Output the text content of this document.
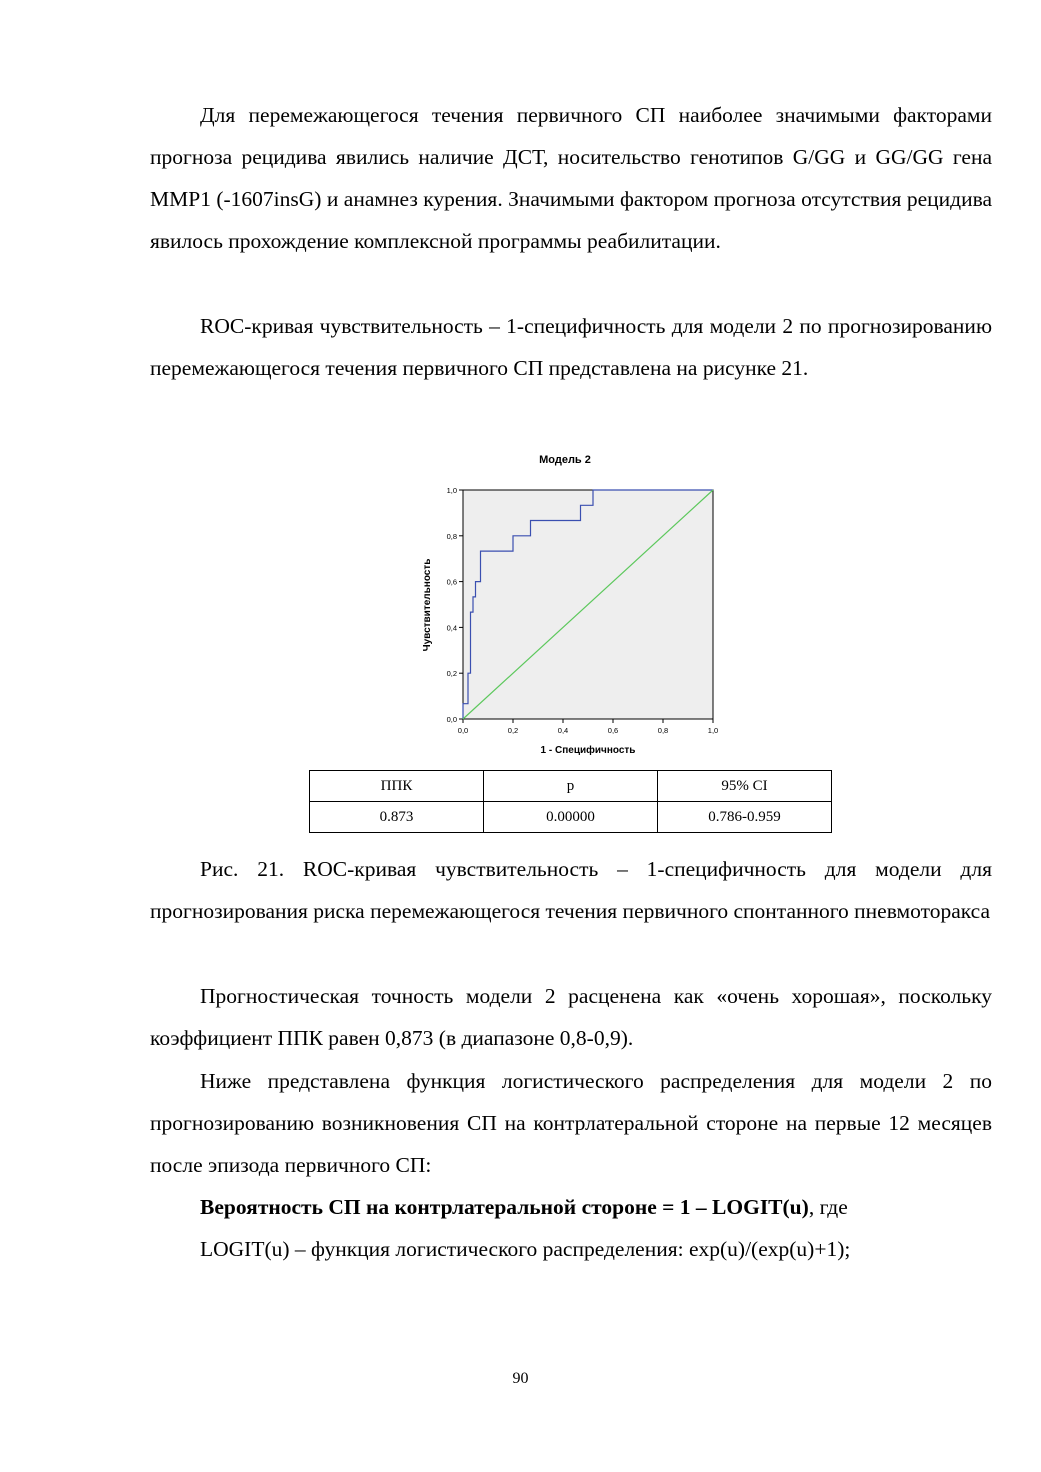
Для перемежающегося течения первичного СП наиболее значимыми факторами прогноза рецидива явились наличие ДСТ, носительство генотипов G/GG и GG/GG гена MMP1 (-1607insG) и анамнез курения. Значимыми фактором прогноза отсутствия рецидива явилось прохождение комплексной программы реабилитации.

ROC-кривая чувствительность – 1-специфичность для модели 2 по прогнозированию перемежающегося течения первичного СП представлена на рисунке 21.

Модель 2
0,0
0,2
0,4
0,6
0,8
1,0
0,0	0,2	0,4	0,6	0,8	1,0
Чувствительность
1 - Специфичность
ППК	p	95% CI
0.873	0.00000	0.786-0.959

Рис. 21. ROC-кривая чувствительность – 1-специфичность для модели для прогнозирования риска перемежающегося течения первичного спонтанного пневмоторакса

Прогностическая точность модели 2 расценена как «очень хорошая», поскольку коэффициент ППК равен 0,873 (в диапазоне 0,8-0,9).

Ниже представлена функция логистического распределения для модели 2 по прогнозированию возникновения СП на контрлатеральной стороне на первые 12 месяцев после эпизода первичного СП:

Вероятность СП на контрлатеральной стороне = 1 – LOGIT(u), где

LOGIT(u) – функция логистического распределения: exp(u)/(exp(u)+1);

90
